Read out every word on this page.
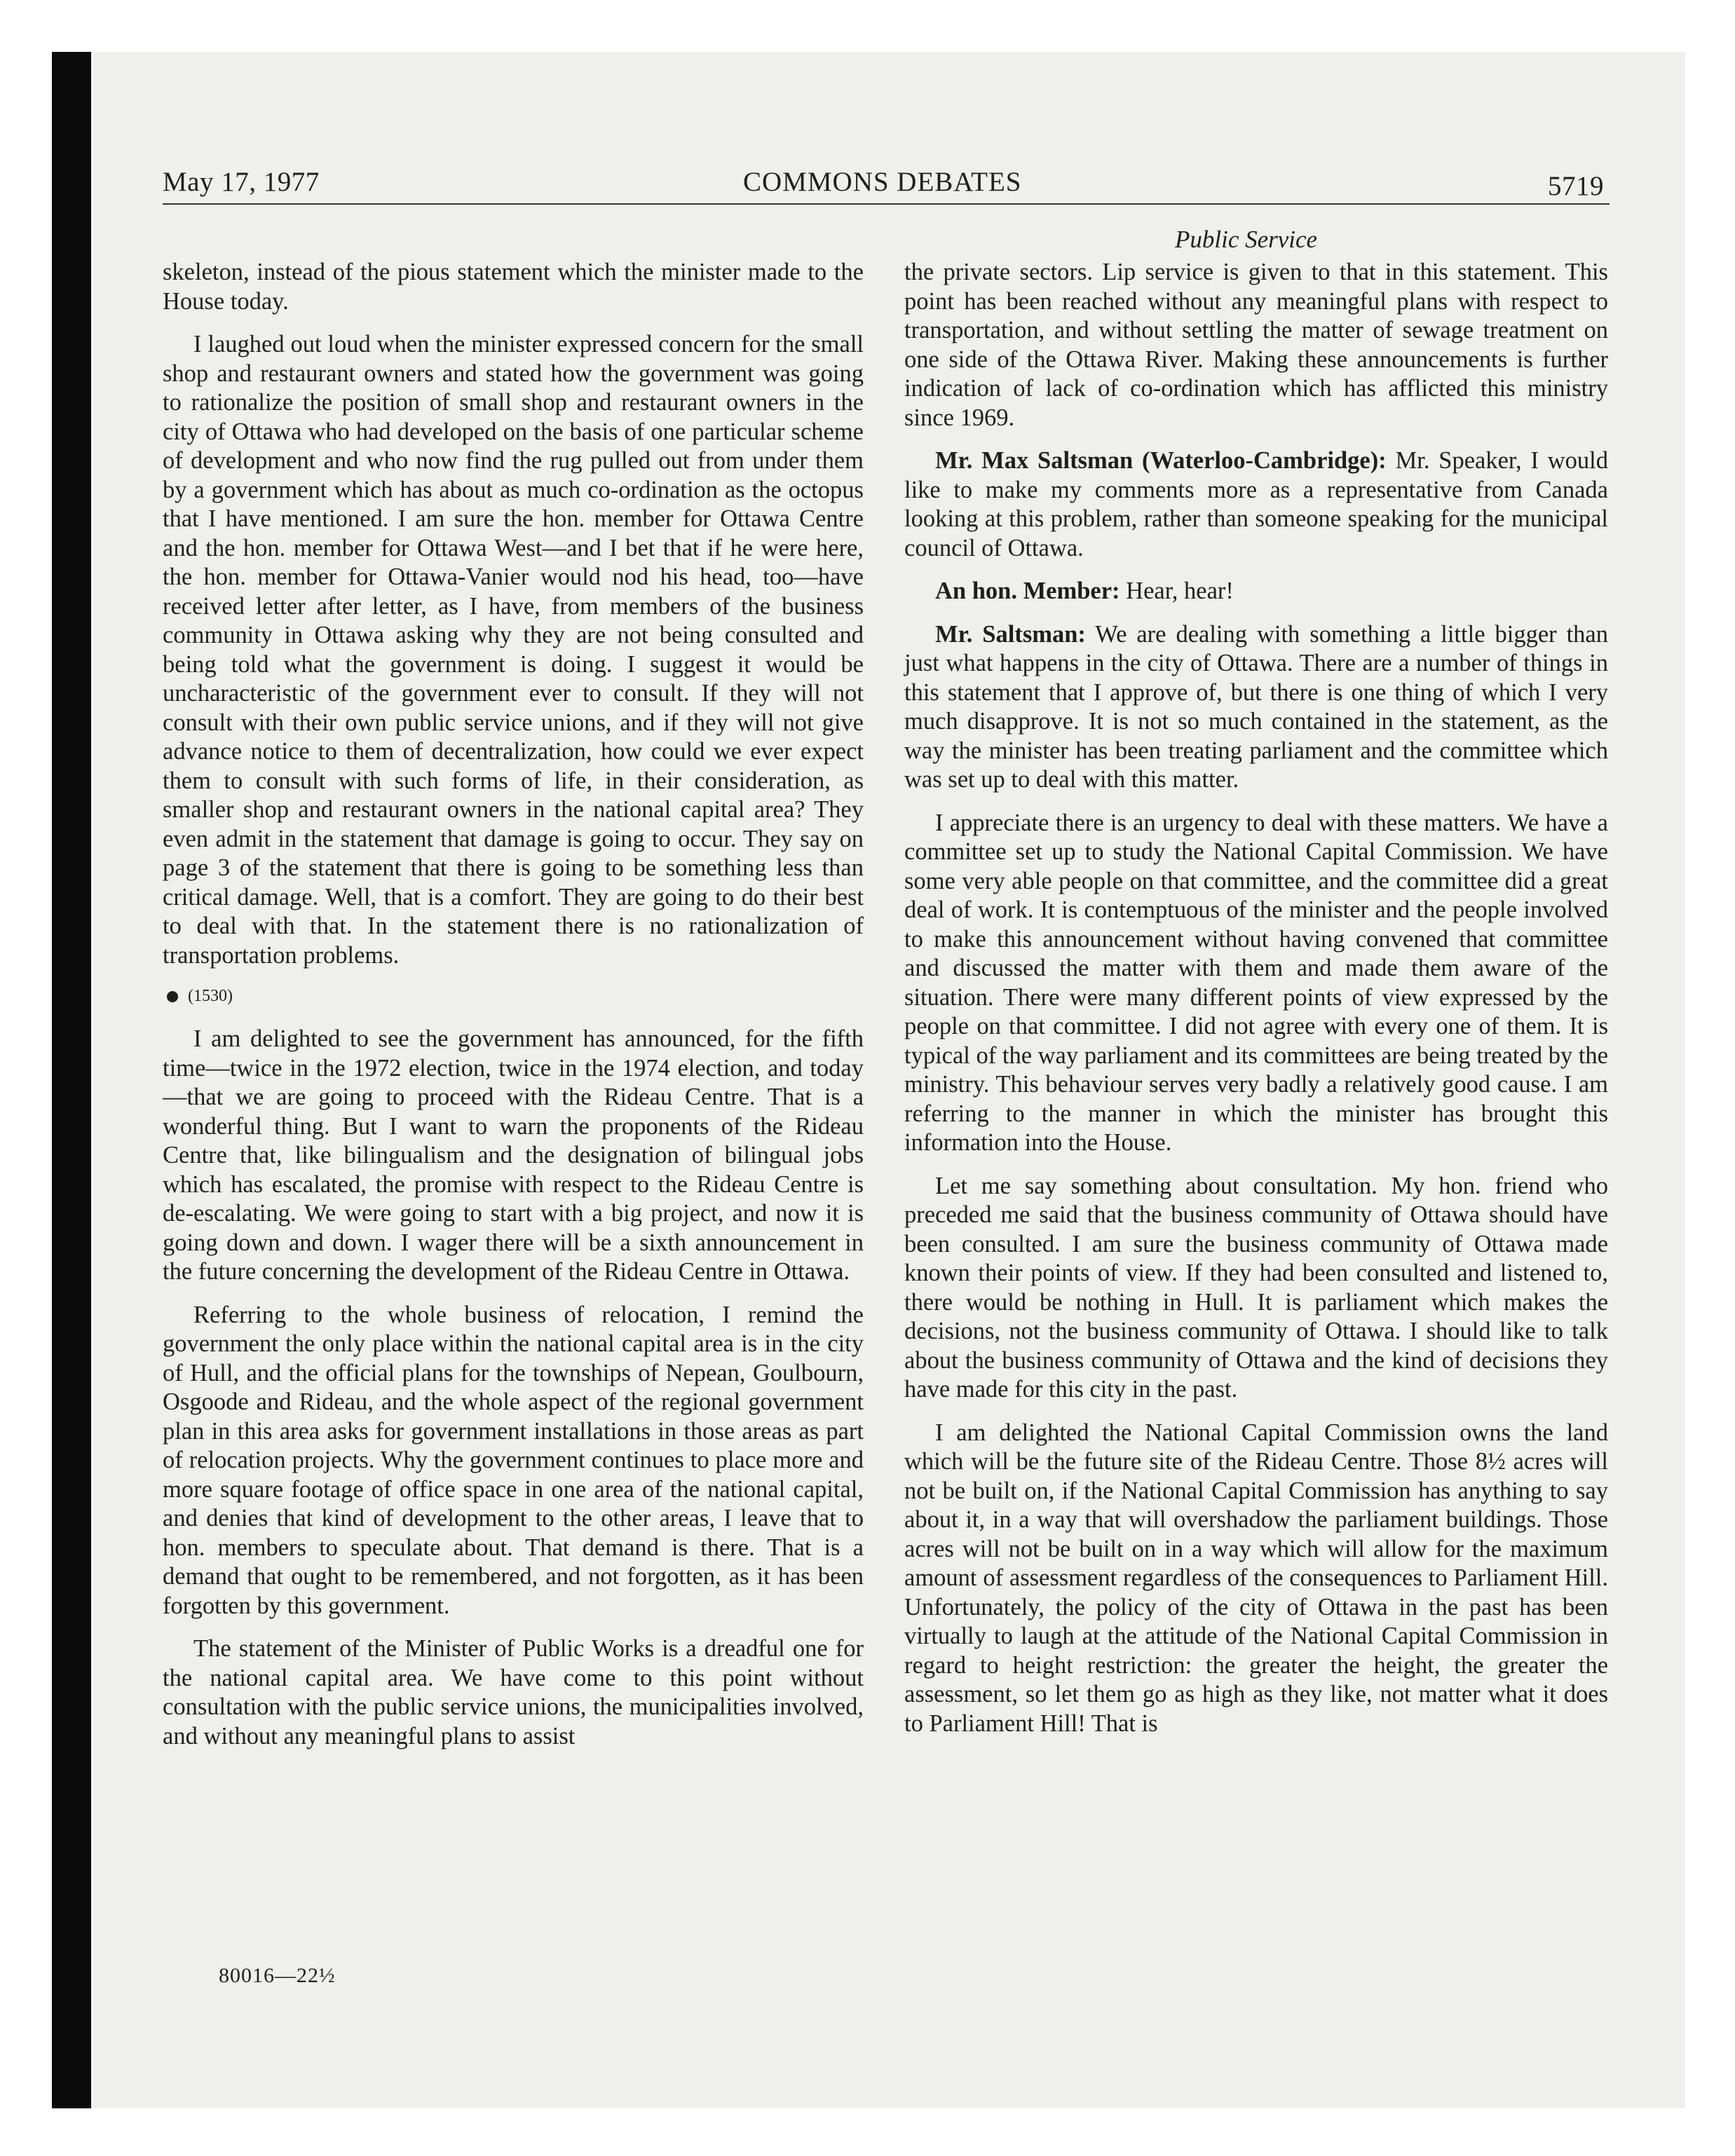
May 17, 1977	COMMONS DEBATES	5719
Public Service

skeleton, instead of the pious statement which the minister made to the House today.

I laughed out loud when the minister expressed concern for the small shop and restaurant owners and stated how the government was going to rationalize the position of small shop and restaurant owners in the city of Ottawa who had developed on the basis of one particular scheme of development and who now find the rug pulled out from under them by a government which has about as much co-ordination as the octopus that I have mentioned. I am sure the hon. member for Ottawa Centre and the hon. member for Ottawa West—and I bet that if he were here, the hon. member for Ottawa-Vanier would nod his head, too—have received letter after letter, as I have, from members of the business community in Ottawa asking why they are not being consulted and being told what the government is doing. I suggest it would be uncharacteristic of the government ever to consult. If they will not consult with their own public service unions, and if they will not give advance notice to them of decentralization, how could we ever expect them to consult with such forms of life, in their consideration, as smaller shop and restaurant owners in the national capital area? They even admit in the statement that damage is going to occur. They say on page 3 of the statement that there is going to be something less than critical damage. Well, that is a comfort. They are going to do their best to deal with that. In the statement there is no rationalization of transportation problems.

(1530)

I am delighted to see the government has announced, for the fifth time—twice in the 1972 election, twice in the 1974 election, and today—that we are going to proceed with the Rideau Centre. That is a wonderful thing. But I want to warn the proponents of the Rideau Centre that, like bilingualism and the designation of bilingual jobs which has escalated, the promise with respect to the Rideau Centre is de-escalating. We were going to start with a big project, and now it is going down and down. I wager there will be a sixth announcement in the future concerning the development of the Rideau Centre in Ottawa.

Referring to the whole business of relocation, I remind the government the only place within the national capital area is in the city of Hull, and the official plans for the townships of Nepean, Goulbourn, Osgoode and Rideau, and the whole aspect of the regional government plan in this area asks for government installations in those areas as part of relocation projects. Why the government continues to place more and more square footage of office space in one area of the national capital, and denies that kind of development to the other areas, I leave that to hon. members to speculate about. That demand is there. That is a demand that ought to be remembered, and not forgotten, as it has been forgotten by this government.

The statement of the Minister of Public Works is a dreadful one for the national capital area. We have come to this point without consultation with the public service unions, the municipalities involved, and without any meaningful plans to assist

the private sectors. Lip service is given to that in this statement. This point has been reached without any meaningful plans with respect to transportation, and without settling the matter of sewage treatment on one side of the Ottawa River. Making these announcements is further indication of lack of co-ordination which has afflicted this ministry since 1969.

Mr. Max Saltsman (Waterloo-Cambridge): Mr. Speaker, I would like to make my comments more as a representative from Canada looking at this problem, rather than someone speaking for the municipal council of Ottawa.

An hon. Member: Hear, hear!

Mr. Saltsman: We are dealing with something a little bigger than just what happens in the city of Ottawa. There are a number of things in this statement that I approve of, but there is one thing of which I very much disapprove. It is not so much contained in the statement, as the way the minister has been treating parliament and the committee which was set up to deal with this matter.

I appreciate there is an urgency to deal with these matters. We have a committee set up to study the National Capital Commission. We have some very able people on that committee, and the committee did a great deal of work. It is contemptuous of the minister and the people involved to make this announcement without having convened that committee and discussed the matter with them and made them aware of the situation. There were many different points of view expressed by the people on that committee. I did not agree with every one of them. It is typical of the way parliament and its committees are being treated by the ministry. This behaviour serves very badly a relatively good cause. I am referring to the manner in which the minister has brought this information into the House.

Let me say something about consultation. My hon. friend who preceded me said that the business community of Ottawa should have been consulted. I am sure the business community of Ottawa made known their points of view. If they had been consulted and listened to, there would be nothing in Hull. It is parliament which makes the decisions, not the business community of Ottawa. I should like to talk about the business community of Ottawa and the kind of decisions they have made for this city in the past.

I am delighted the National Capital Commission owns the land which will be the future site of the Rideau Centre. Those 8½ acres will not be built on, if the National Capital Commission has anything to say about it, in a way that will overshadow the parliament buildings. Those acres will not be built on in a way which will allow for the maximum amount of assessment regardless of the consequences to Parliament Hill. Unfortunately, the policy of the city of Ottawa in the past has been virtually to laugh at the attitude of the National Capital Commission in regard to height restriction: the greater the height, the greater the assessment, so let them go as high as they like, not matter what it does to Parliament Hill! That is

80016—22½
